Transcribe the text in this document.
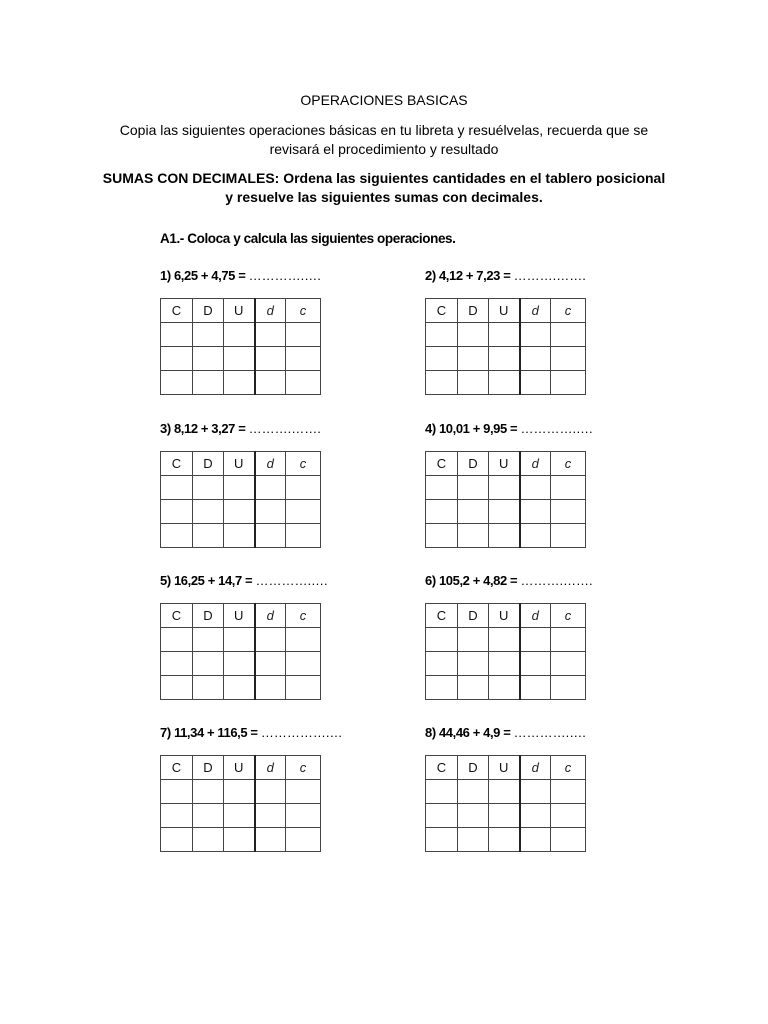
OPERACIONES BASICAS
Copia las siguientes operaciones básicas en tu libreta y resuélvelas, recuerda que se revisará el procedimiento y resultado
SUMAS CON DECIMALES: Ordena las siguientes cantidades en el tablero posicional y resuelve las siguientes sumas con decimales.
A1.- Coloca y calcula las siguientes operaciones.
1) 6,25 + 4,75 = ………….….
C	D	U	d	c

2) 4,12 + 7,23 = ……….…….
C	D	U	d	c

3) 8,12 + 3,27 = ……….…….
C	D	U	d	c

4) 10,01 + 9,95 = ………….….
C	D	U	d	c

5) 16,25 + 14,7 = ………….….
C	D	U	d	c

6) 105,2 + 4,82 = ……….…….
C	D	U	d	c

7) 11,34 + 116,5 = …………….…
C	D	U	d	c

8) 44,46 + 4,9 = ………….….
C	D	U	d	c
